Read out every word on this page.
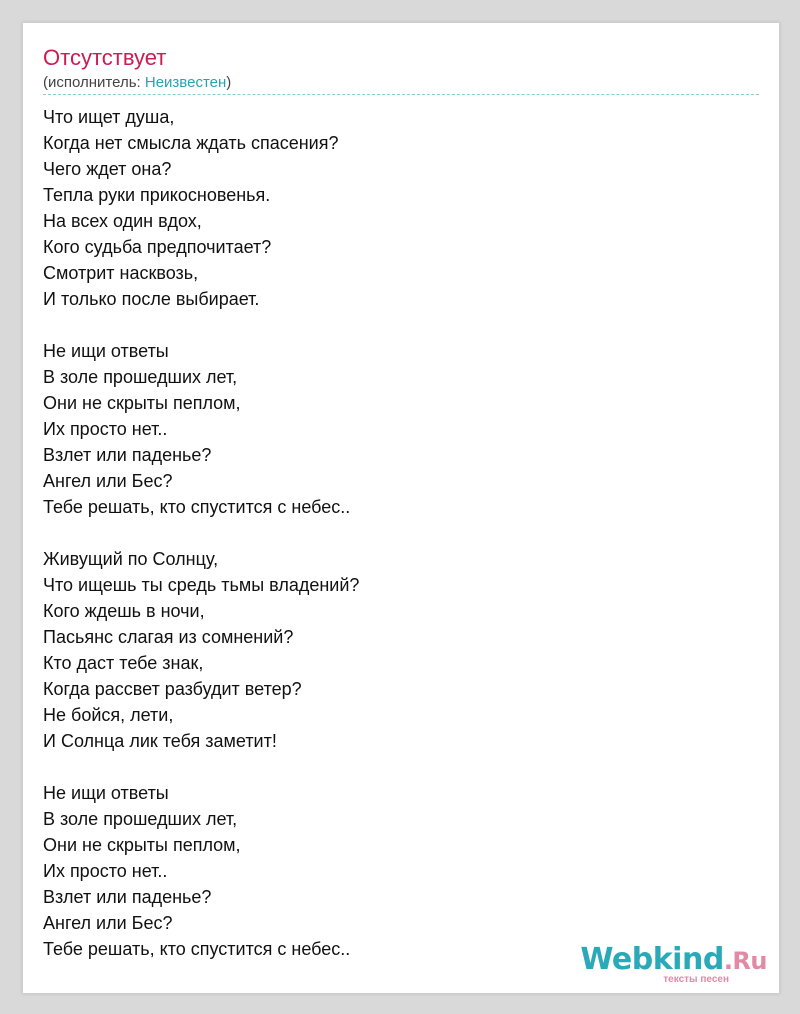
Отсутствует
(исполнитель: Неизвестен)
Что ищет душа,
Когда нет смысла ждать спасения?
Чего ждет она?
Тепла руки прикосновенья.
На всех один вдох,
Кого судьба предпочитает?
Смотрит насквозь,
И только после выбирает.
Не ищи ответы
В золе прошедших лет,
Они не скрыты пеплом,
Их просто нет..
Взлет или паденье?
Ангел или Бес?
Тебе решать, кто спустится с небес..
Живущий по Солнцу,
Что ищешь ты средь тьмы владений?
Кого ждешь в ночи,
Пасьянс слагая из сомнений?
Кто даст тебе знак,
Когда рассвет разбудит ветер?
Не бойся, лети,
И Солнца лик тебя заметит!
Не ищи ответы
В золе прошедших лет,
Они не скрыты пеплом,
Их просто нет..
Взлет или паденье?
Ангел или Бес?
Тебе решать, кто спустится с небес..	Webkind.Ru
тексты песен
